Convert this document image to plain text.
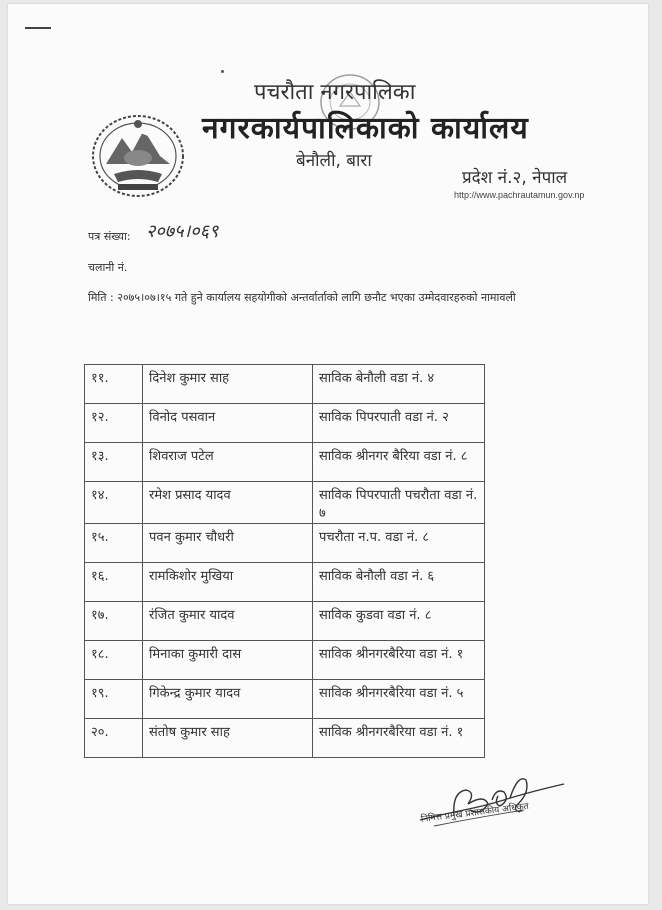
पचरौता नगरपालिका
नगरकार्यपालिकाको कार्यालय
बेनौली, बारा
प्रदेश नं.२, नेपाल
http://www.pachrautamun.gov.np
पत्र संख्या: २०७५।०६९
चलानी नं.
मिति : २०७५।०७।१५ गते हुने कार्यालय सहयोगीको अन्तर्वार्ताको लागि छनौट भएका उम्मेदवारहरुको नामावली
११.	दिनेश कुमार साह	साविक बेनौली वडा नं. ४
१२.	विनोद पसवान	साविक पिपरपाती वडा नं. २
१३.	शिवराज पटेल	साविक श्रीनगर बैरिया वडा नं. ८
१४.	रमेश प्रसाद यादव	साविक पिपरपाती पचरौता वडा नं. ७
१५.	पवन कुमार चौधरी	पचरौता न.प. वडा नं. ८
१६.	रामकिशोर मुखिया	साविक बेनौली वडा नं. ६
१७.	रंजित कुमार यादव	साविक कुडवा वडा नं. ८
१८.	मिनाका कुमारी दास	साविक श्रीनगरबैरिया वडा नं. १
१९.	गिकेन्द्र कुमार यादव	साविक श्रीनगरबैरिया वडा नं. ५
२०.	संतोष कुमार साह	साविक श्रीनगरबैरिया वडा नं. १
निमित्त प्रमुख प्रशासकीय अधिकृत
